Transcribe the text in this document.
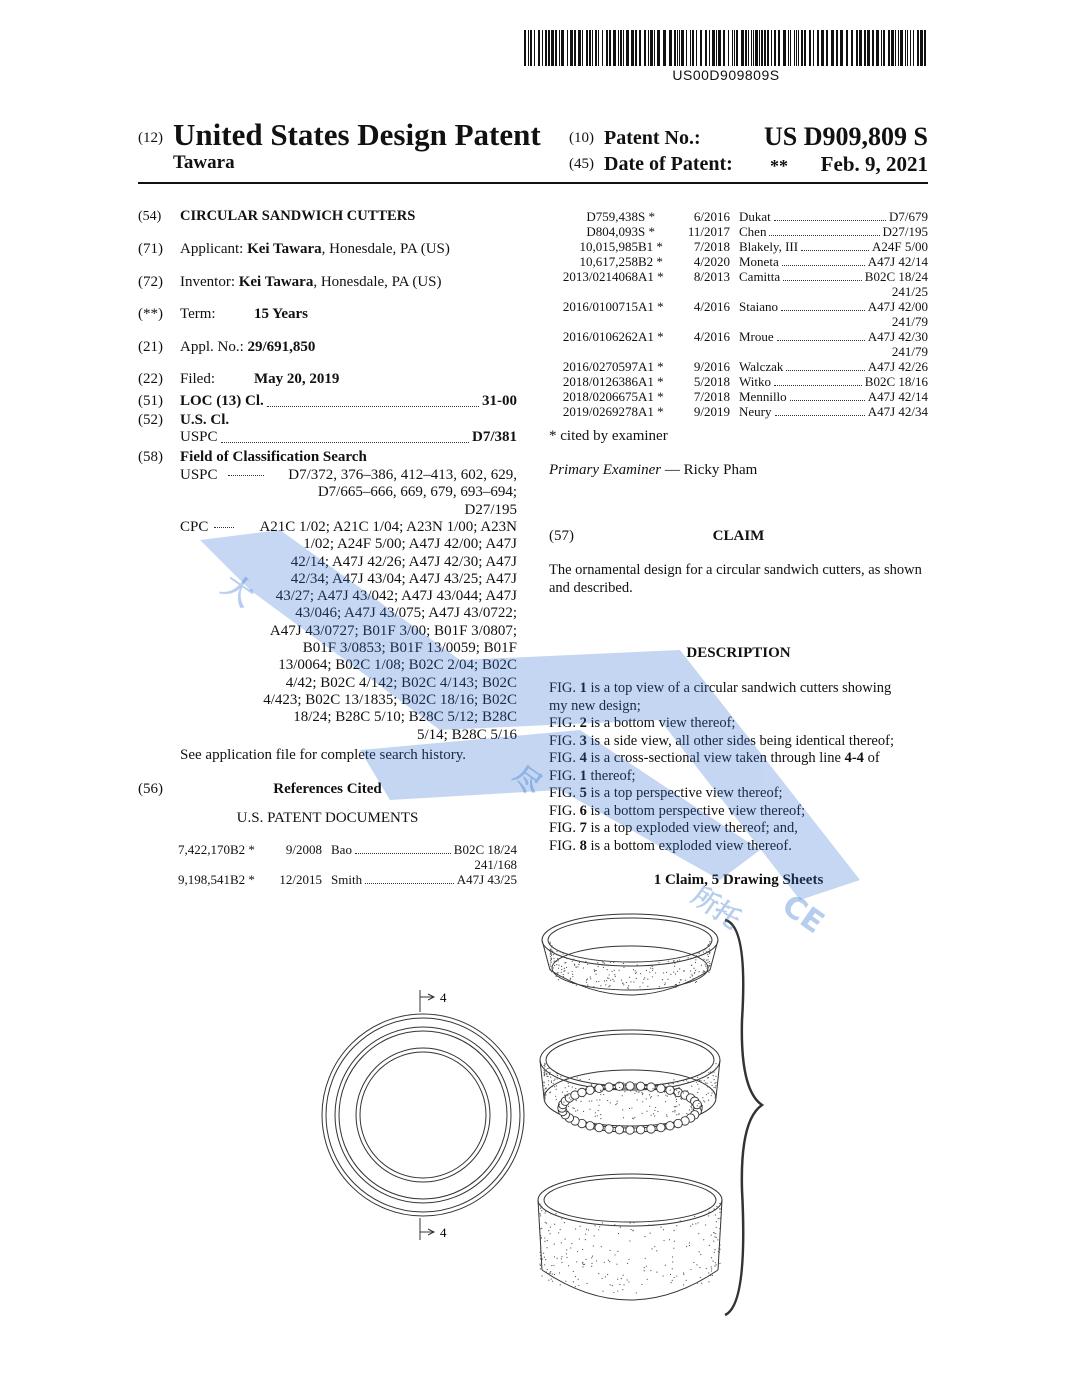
US00D909809S
(12) United States Design Patent
Tawara
(10) Patent No.: US D909,809 S
(45) Date of Patent: **	Feb. 9, 2021
(54) CIRCULAR SANDWICH CUTTERS
(71) Applicant: Kei Tawara, Honesdale, PA (US)
(72) Inventor: Kei Tawara, Honesdale, PA (US)
(**) Term:	15 Years
(21) Appl. No.: 29/691,850
(22) Filed:	May 20, 2019
(51) LOC (13) Cl.	31-00
(52) U.S. Cl.
USPC	D7/381
(58) Field of Classification Search
USPC	D7/372, 376–386, 412–413, 602, 629,
D7/665–666, 669, 679, 693–694;
D27/195
CPC	A21C 1/02; A21C 1/04; A23N 1/00; A23N
1/02; A24F 5/00; A47J 42/00; A47J
42/14; A47J 42/26; A47J 42/30; A47J
42/34; A47J 43/04; A47J 43/25; A47J
43/27; A47J 43/042; A47J 43/044; A47J
43/046; A47J 43/075; A47J 43/0722;
A47J 43/0727; B01F 3/00; B01F 3/0807;
B01F 3/0853; B01F 13/0059; B01F
13/0064; B02C 1/08; B02C 2/04; B02C
4/42; B02C 4/142; B02C 4/143; B02C
4/423; B02C 13/1835; B02C 18/16; B02C
18/24; B28C 5/10; B28C 5/12; B28C
5/14; B28C 5/16
See application file for complete search history.
(56)	References Cited
U.S. PATENT DOCUMENTS
7,422,170 B2 *	9/2008 Bao	B02C 18/24
241/168
9,198,541 B2 *	12/2015 Smith	A47J 43/25
D759,438 S *	6/2016 Dukat	D7/679
D804,093 S *	11/2017 Chen	D27/195
10,015,985 B1 *	7/2018 Blakely, III	A24F 5/00
10,617,258 B2 *	4/2020 Moneta	A47J 42/14
2013/0214068 A1 *	8/2013 Camitta	B02C 18/24
241/25
2016/0100715 A1 *	4/2016 Staiano	A47J 42/00
241/79
2016/0106262 A1 *	4/2016 Mroue	A47J 42/30
241/79
2016/0270597 A1 *	9/2016 Walczak	A47J 42/26
2018/0126386 A1 *	5/2018 Witko	B02C 18/16
2018/0206675 A1 *	7/2018 Mennillo	A47J 42/14
2019/0269278 A1 *	9/2019 Neury	A47J 42/34
* cited by examiner
Primary Examiner — Ricky Pham
(57)	CLAIM
The ornamental design for a circular sandwich cutters, as shown and described.
DESCRIPTION
FIG. 1 is a top view of a circular sandwich cutters showing
my new design;
FIG. 2 is a bottom view thereof;
FIG. 3 is a side view, all other sides being identical thereof;
FIG. 4 is a cross-sectional view taken through line 4-4 of
FIG. 1 thereof;
FIG. 5 is a top perspective view thereof;
FIG. 6 is a bottom perspective view thereof;
FIG. 7 is a top exploded view thereof; and,
FIG. 8 is a bottom exploded view thereof.
1 Claim, 5 Drawing Sheets
4
4
大
尽
所托 CE
